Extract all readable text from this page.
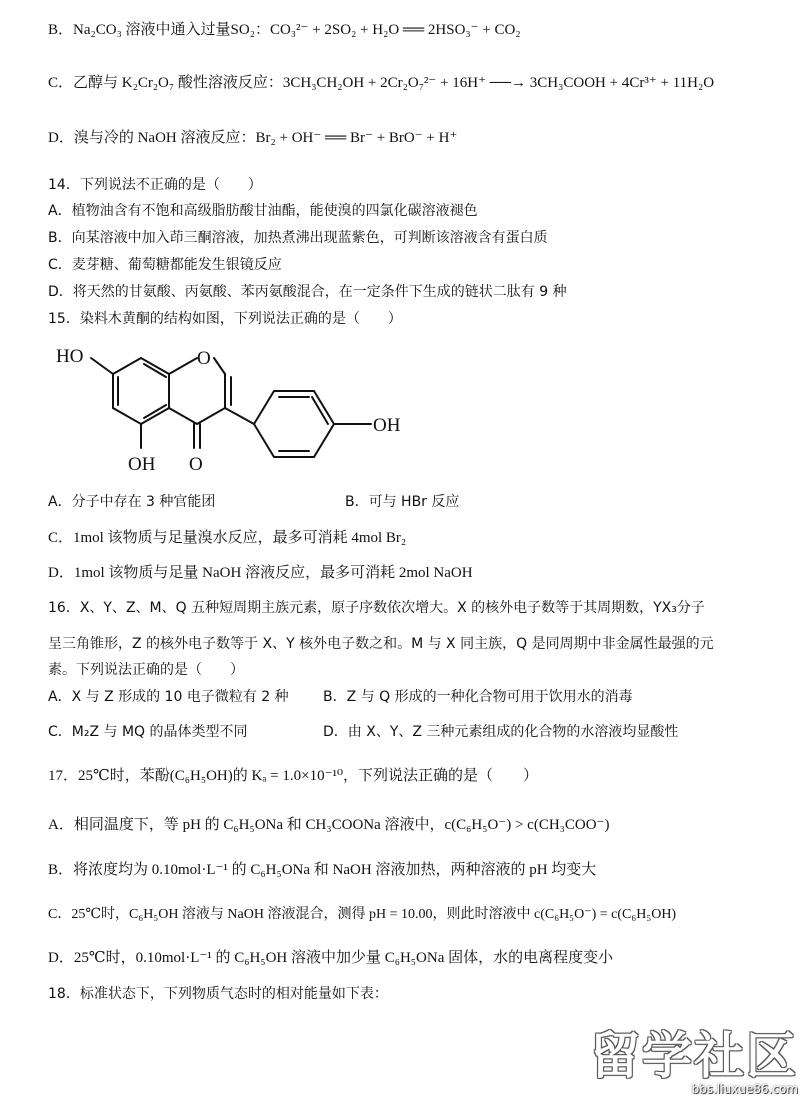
B．Na₂CO₃ 溶液中通入过量SO₂：CO₃²⁻ + 2SO₂ + H₂O ══ 2HSO₃⁻ + CO₂
C．乙醇与 K₂Cr₂O₇ 酸性溶液反应：3CH₃CH₂OH + 2Cr₂O₇²⁻ + 16H⁺ ──→ 3CH₃COOH + 4Cr³⁺ + 11H₂O
D．溴与冷的 NaOH 溶液反应：Br₂ + OH⁻ ══ Br⁻ + BrO⁻ + H⁺
14．下列说法不正确的是（　　）
A．植物油含有不饱和高级脂肪酸甘油酯，能使溴的四氯化碳溶液褪色
B．向某溶液中加入茚三酮溶液，加热煮沸出现蓝紫色，可判断该溶液含有蛋白质
C．麦芽糖、葡萄糖都能发生银镜反应
D．将天然的甘氨酸、丙氨酸、苯丙氨酸混合，在一定条件下生成的链状二肽有 9 种
15．染料木黄酮的结构如图，下列说法正确的是（　　）
HO	O
OH
OH O
A．分子中存在 3 种官能团	B．可与 HBr 反应
C．1mol 该物质与足量溴水反应，最多可消耗 4mol Br₂
D．1mol 该物质与足量 NaOH 溶液反应，最多可消耗 2mol NaOH
16．X、Y、Z、M、Q 五种短周期主族元素，原子序数依次增大。X 的核外电子数等于其周期数，YX₃分子
呈三角锥形，Z 的核外电子数等于 X、Y 核外电子数之和。M 与 X 同主族，Q 是同周期中非金属性最强的元
素。下列说法正确的是（　　）
A．X 与 Z 形成的 10 电子微粒有 2 种 B．Z 与 Q 形成的一种化合物可用于饮用水的消毒
C．M₂Z 与 MQ 的晶体类型不同	D．由 X、Y、Z 三种元素组成的化合物的水溶液均显酸性
17．25℃时，苯酚(C₆H₅OH)的 Kₐ = 1.0×10⁻¹⁰，下列说法正确的是（　　）
A．相同温度下，等 pH 的 C₆H₅ONa 和 CH₃COONa 溶液中，c(C₆H₅O⁻) > c(CH₃COO⁻)
B．将浓度均为 0.10mol·L⁻¹ 的 C₆H₅ONa 和 NaOH 溶液加热，两种溶液的 pH 均变大
C．25℃时，C₆H₅OH 溶液与 NaOH 溶液混合，测得 pH = 10.00，则此时溶液中 c(C₆H₅O⁻) = c(C₆H₅OH)
D．25℃时，0.10mol·L⁻¹ 的 C₆H₅OH 溶液中加少量 C₆H₅ONa 固体，水的电离程度变小
18．标准状态下，下列物质气态时的相对能量如下表：
留学社区
bbs.liuxue86.com
